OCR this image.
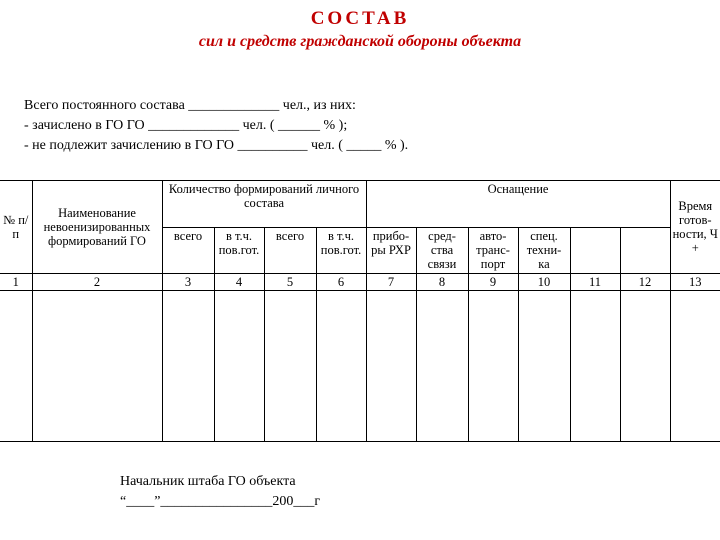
СОСТАВ
сил и средств гражданской обороны объекта
Всего постоянного состава _____________ чел., из них:
- зачислено в ГО ГО _____________ чел. ( ______ % );
- не подлежит зачислению в ГО ГО __________ чел. ( _____ % ).
№ п/п	Наименование невоенизированных формирований ГО	Количество формирований личного состава				Оснащение						Время готов- ности, Ч +
		всего	в т.ч. пов.гот.	всего	в т.ч. пов.гот.	прибо- ры РХР	сред- ства связи	авто- транс- порт	спец. техни- ка			
1	2	3	4	5	6	7	8	9	10	11	12	13

Начальник штаба ГО объекта
“____”________________200___г
